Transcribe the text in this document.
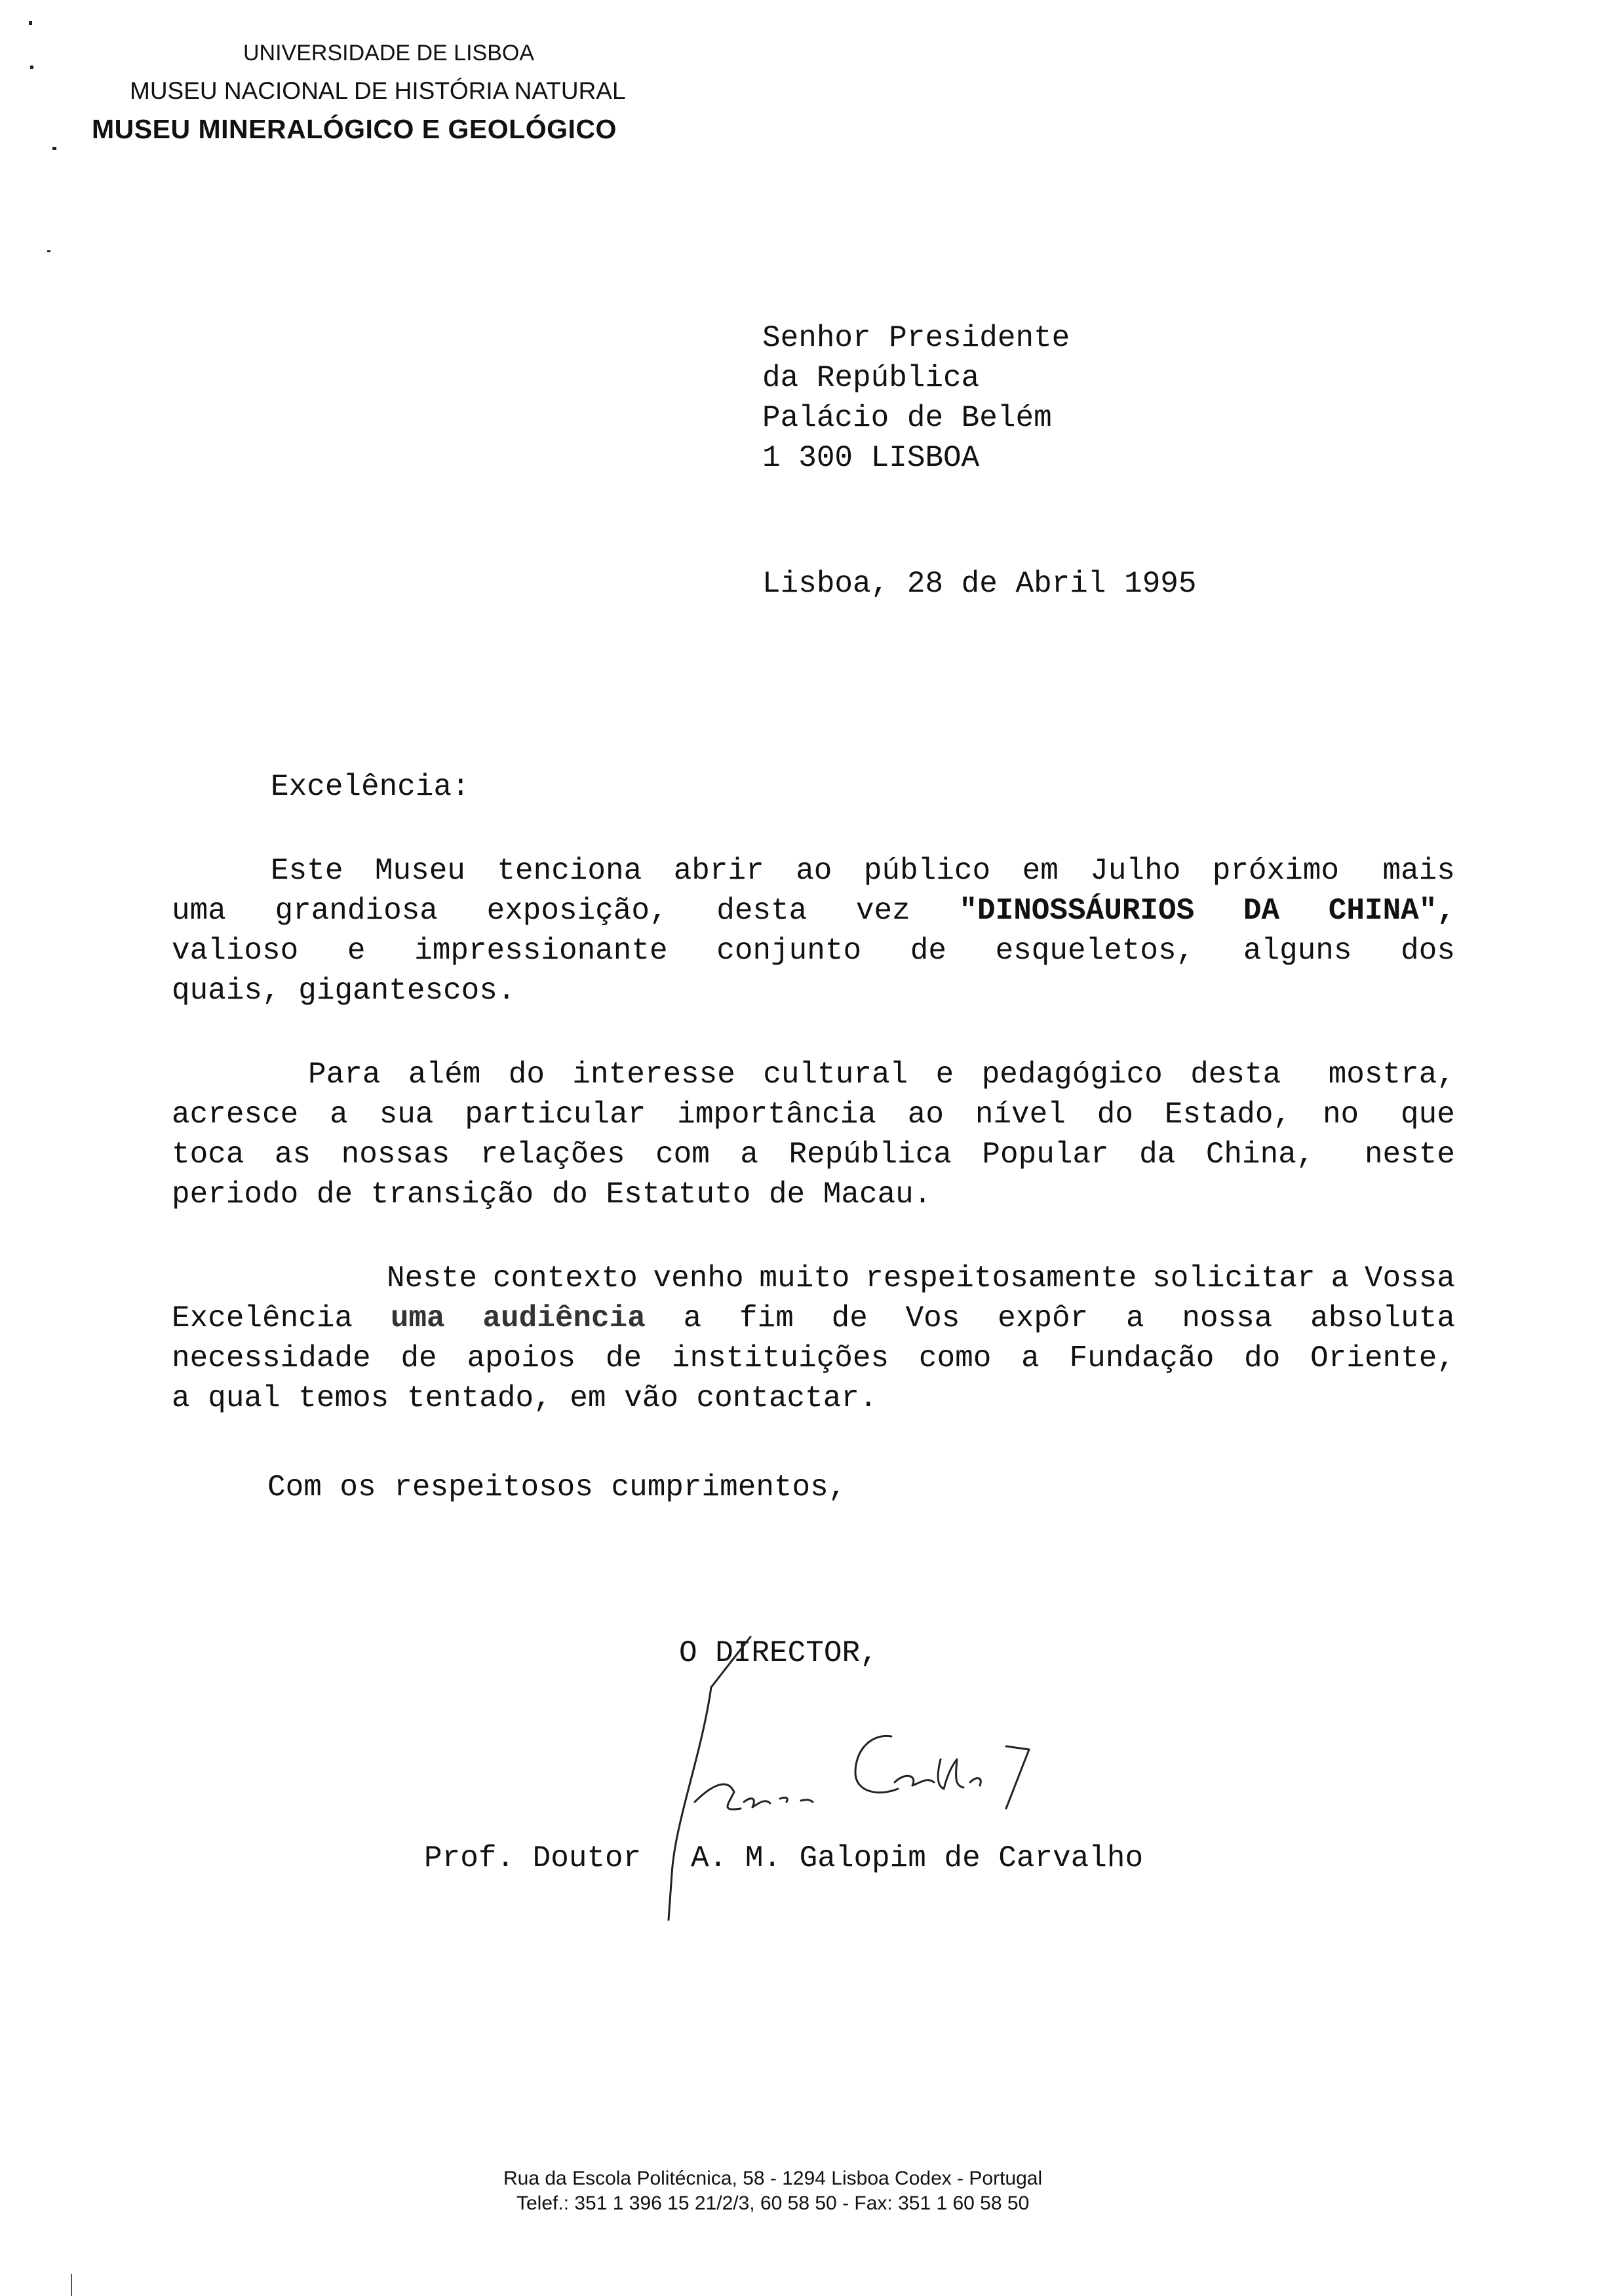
UNIVERSIDADE DE LISBOA
MUSEU NACIONAL DE HISTÓRIA NATURAL
MUSEU MINERALÓGICO E GEOLÓGICO
Senhor Presidente
da República
Palácio de Belém
1 300 LISBOA
Lisboa, 28 de Abril 1995
Excelência:
Este Museu tenciona abrir ao público em Julho próximo mais
uma grandiosa exposição, desta vez "DINOSSÁURIOS DA CHINA",
valioso e impressionante conjunto de esqueletos, alguns dos
quais, gigantescos.
Para além do interesse cultural e pedagógico desta mostra,
acresce a sua particular importância ao nível do Estado, no que
toca as nossas relações com a República Popular da China, neste
periodo de transição do Estatuto de Macau.
Neste contexto venho muito respeitosamente solicitar a Vossa
Excelência uma audiência a fim de Vos expôr a nossa absoluta
necessidade de apoios de instituições como a Fundação do Oriente,
a qual temos tentado, em vão contactar.
Com os respeitosos cumprimentos,
O DIRECTOR,
Prof. Doutor A. M. Galopim de Carvalho
Rua da Escola Politécnica, 58 - 1294 Lisboa Codex - Portugal
Telef.: 351 1 396 15 21/2/3, 60 58 50 - Fax: 351 1 60 58 50
